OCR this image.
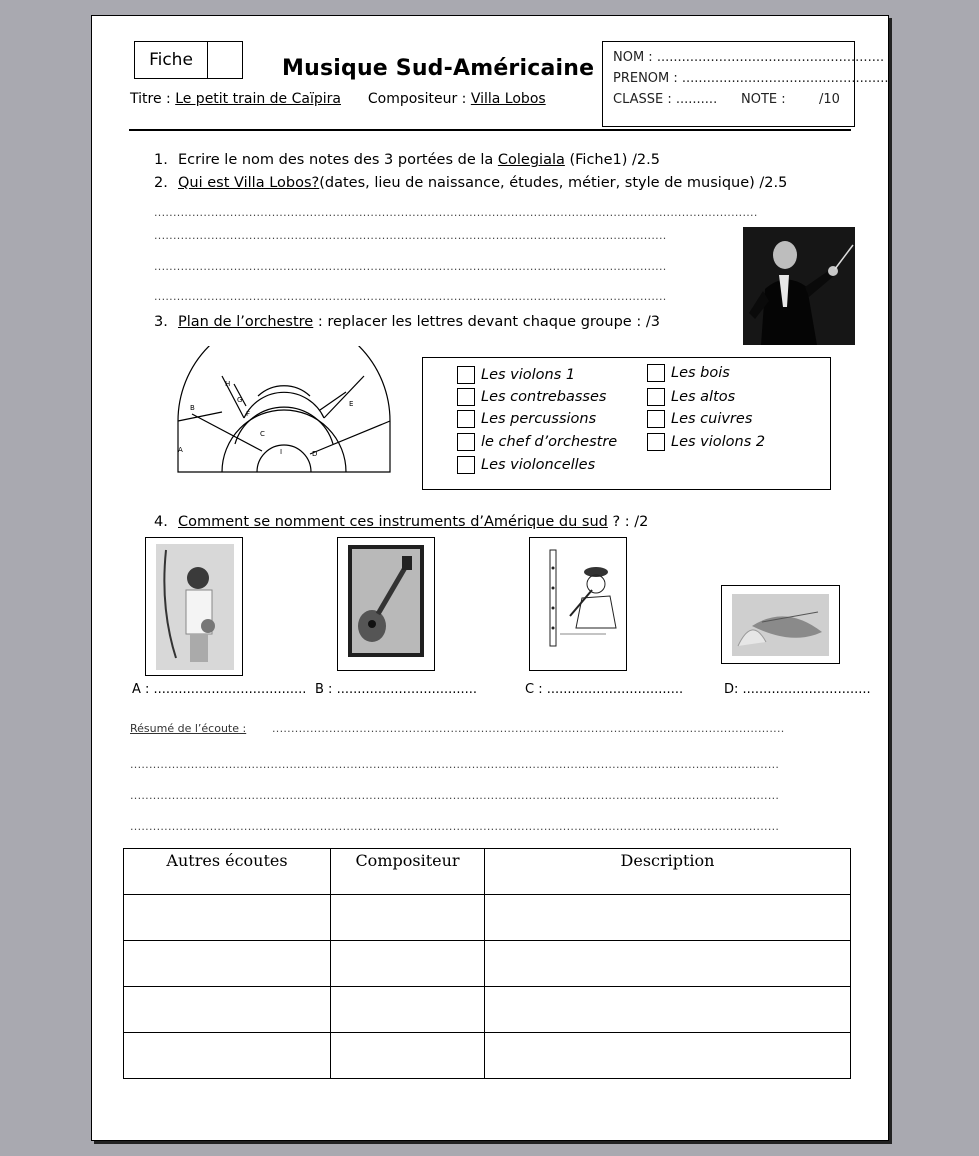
Fiche	Musique Sud-Américaine
Titre : Le petit train de Caïpira Compositeur : Villa Lobos
NOM : .......................................................
PRENOM : ...................................................
CLASSE : .......... NOTE :	/10
1. Ecrire le nom des notes des 3 portées de la Colegiala (Fiche1) /2.5
2. Qui est Villa Lobos?(dates, lieu de naissance, études, métier, style de musique) /2.5
...............................................................................................................................................................
.......................................................................................................................................
.......................................................................................................................................
.......................................................................................................................................
3. Plan de l’orchestre : replacer les lettres devant chaque groupe : /3
A
B
C
D
E
F
G
H
I
Les violons 1
Les contrebasses
Les percussions
le chef d’orchestre
Les violoncelles
Les bois
Les altos
Les cuivres
Les violons 2
4. Comment se nomment ces instruments d’Amérique du sud ? : /2
A : ..................................... B : ..................................	C : .................................	D: ...............................
Résumé de l’écoute : .......................................................................................................................................
...........................................................................................................................................................................
...........................................................................................................................................................................
...........................................................................................................................................................................
Autres écoutes	Compositeur	Description
